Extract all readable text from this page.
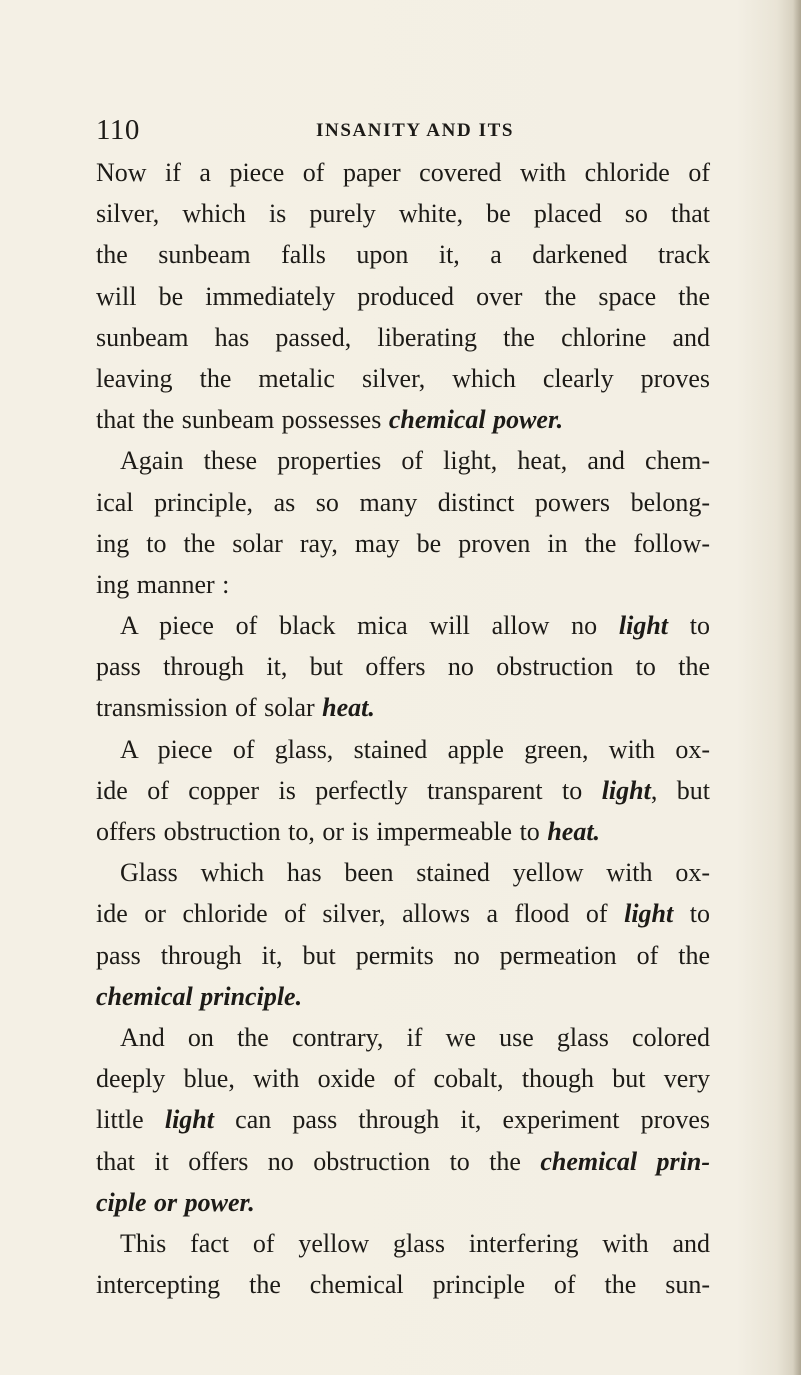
110	INSANITY AND ITS
Now if a piece of paper covered with chloride of
silver, which is purely white, be placed so that
the sunbeam falls upon it, a darkened track
will be immediately produced over the space the
sunbeam has passed, liberating the chlorine and
leaving the metalic silver, which clearly proves
that the sunbeam possesses chemical power.
Again these properties of light, heat, and chem-
ical principle, as so many distinct powers belong-
ing to the solar ray, may be proven in the follow-
ing manner :
A piece of black mica will allow no light to
pass through it, but offers no obstruction to the
transmission of solar heat.
A piece of glass, stained apple green, with ox-
ide of copper is perfectly transparent to light, but
offers obstruction to, or is impermeable to heat.
Glass which has been stained yellow with ox-
ide or chloride of silver, allows a flood of light to
pass through it, but permits no permeation of the
chemical principle.
And on the contrary, if we use glass colored
deeply blue, with oxide of cobalt, though but very
little light can pass through it, experiment proves
that it offers no obstruction to the chemical prin-
ciple or power.
This fact of yellow glass interfering with and
intercepting the chemical principle of the sun-
